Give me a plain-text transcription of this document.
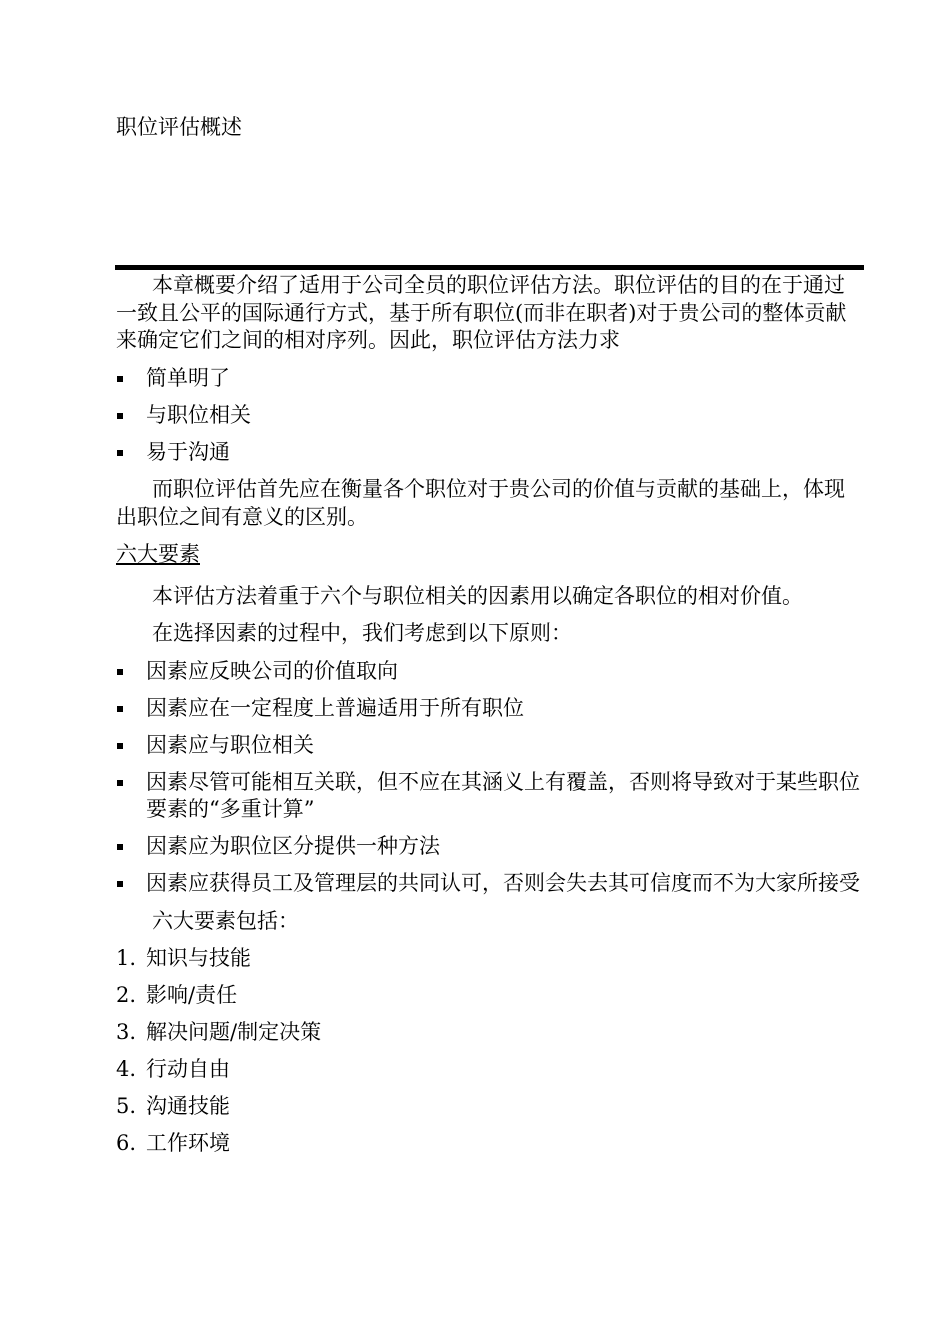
职位评估概述

本章概要介绍了适用于公司全员的职位评估方法。职位评估的目的在于通过一致且公平的国际通行方式，基于所有职位(而非在职者)对于贵公司的整体贡献来确定它们之间的相对序列。因此，职位评估方法力求

简单明了
与职位相关
易于沟通

而职位评估首先应在衡量各个职位对于贵公司的价值与贡献的基础上，体现出职位之间有意义的区别。

六大要素

本评估方法着重于六个与职位相关的因素用以确定各职位的相对价值。

在选择因素的过程中，我们考虑到以下原则：

因素应反映公司的价值取向
因素应在一定程度上普遍适用于所有职位
因素应与职位相关
因素尽管可能相互关联，但不应在其涵义上有覆盖，否则将导致对于某些职位要素的“多重计算”
因素应为职位区分提供一种方法
因素应获得员工及管理层的共同认可，否则会失去其可信度而不为大家所接受

六大要素包括：

1. 知识与技能
2. 影响/责任
3. 解决问题/制定决策
4. 行动自由
5. 沟通技能
6. 工作环境
